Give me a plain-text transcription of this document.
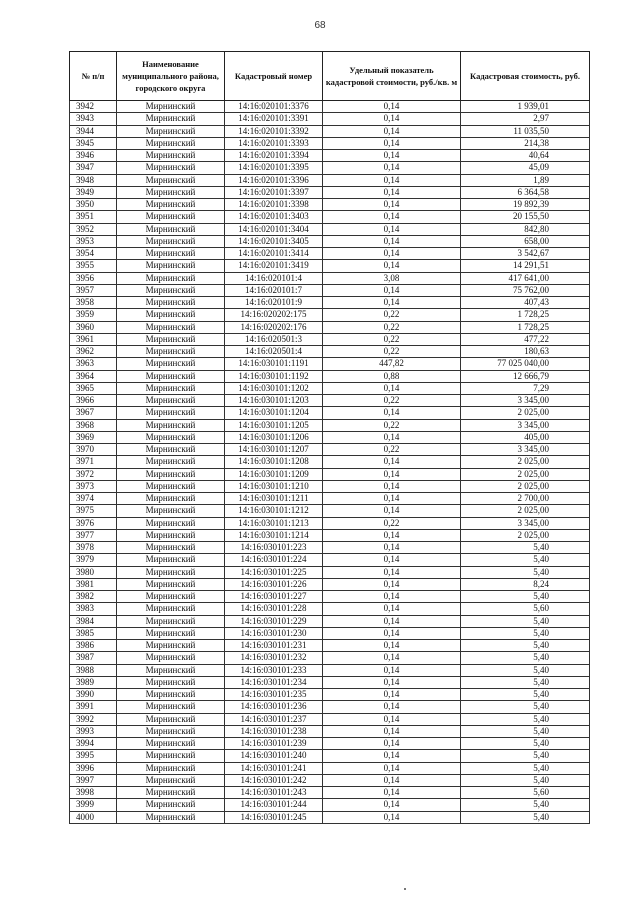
68
№ п/п	Наименование муниципального района, городского округа	Кадастровый номер	Удельный показатель кадастровой стоимости, руб./кв. м	Кадастровая стоимость, руб.
3942	Мирнинский	14:16:020101:3376	0,14	1 939,01
3943	Мирнинский	14:16:020101:3391	0,14	2,97
3944	Мирнинский	14:16:020101:3392	0,14	11 035,50
3945	Мирнинский	14:16:020101:3393	0,14	214,38
3946	Мирнинский	14:16:020101:3394	0,14	40,64
3947	Мирнинский	14:16:020101:3395	0,14	45,09
3948	Мирнинский	14:16:020101:3396	0,14	1,89
3949	Мирнинский	14:16:020101:3397	0,14	6 364,58
3950	Мирнинский	14:16:020101:3398	0,14	19 892,39
3951	Мирнинский	14:16:020101:3403	0,14	20 155,50
3952	Мирнинский	14:16:020101:3404	0,14	842,80
3953	Мирнинский	14:16:020101:3405	0,14	658,00
3954	Мирнинский	14:16:020101:3414	0,14	3 542,67
3955	Мирнинский	14:16:020101:3419	0,14	14 291,51
3956	Мирнинский	14:16:020101:4	3,08	417 641,00
3957	Мирнинский	14:16:020101:7	0,14	75 762,00
3958	Мирнинский	14:16:020101:9	0,14	407,43
3959	Мирнинский	14:16:020202:175	0,22	1 728,25
3960	Мирнинский	14:16:020202:176	0,22	1 728,25
3961	Мирнинский	14:16:020501:3	0,22	477,22
3962	Мирнинский	14:16:020501:4	0,22	180,63
3963	Мирнинский	14:16:030101:1191	447,82	77 025 040,00
3964	Мирнинский	14:16:030101:1192	0,88	12 666,79
3965	Мирнинский	14:16:030101:1202	0,14	7,29
3966	Мирнинский	14:16:030101:1203	0,22	3 345,00
3967	Мирнинский	14:16:030101:1204	0,14	2 025,00
3968	Мирнинский	14:16:030101:1205	0,22	3 345,00
3969	Мирнинский	14:16:030101:1206	0,14	405,00
3970	Мирнинский	14:16:030101:1207	0,22	3 345,00
3971	Мирнинский	14:16:030101:1208	0,14	2 025,00
3972	Мирнинский	14:16:030101:1209	0,14	2 025,00
3973	Мирнинский	14:16:030101:1210	0,14	2 025,00
3974	Мирнинский	14:16:030101:1211	0,14	2 700,00
3975	Мирнинский	14:16:030101:1212	0,14	2 025,00
3976	Мирнинский	14:16:030101:1213	0,22	3 345,00
3977	Мирнинский	14:16:030101:1214	0,14	2 025,00
3978	Мирнинский	14:16:030101:223	0,14	5,40
3979	Мирнинский	14:16:030101:224	0,14	5,40
3980	Мирнинский	14:16:030101:225	0,14	5,40
3981	Мирнинский	14:16:030101:226	0,14	8,24
3982	Мирнинский	14:16:030101:227	0,14	5,40
3983	Мирнинский	14:16:030101:228	0,14	5,60
3984	Мирнинский	14:16:030101:229	0,14	5,40
3985	Мирнинский	14:16:030101:230	0,14	5,40
3986	Мирнинский	14:16:030101:231	0,14	5,40
3987	Мирнинский	14:16:030101:232	0,14	5,40
3988	Мирнинский	14:16:030101:233	0,14	5,40
3989	Мирнинский	14:16:030101:234	0,14	5,40
3990	Мирнинский	14:16:030101:235	0,14	5,40
3991	Мирнинский	14:16:030101:236	0,14	5,40
3992	Мирнинский	14:16:030101:237	0,14	5,40
3993	Мирнинский	14:16:030101:238	0,14	5,40
3994	Мирнинский	14:16:030101:239	0,14	5,40
3995	Мирнинский	14:16:030101:240	0,14	5,40
3996	Мирнинский	14:16:030101:241	0,14	5,40
3997	Мирнинский	14:16:030101:242	0,14	5,40
3998	Мирнинский	14:16:030101:243	0,14	5,60
3999	Мирнинский	14:16:030101:244	0,14	5,40
4000	Мирнинский	14:16:030101:245	0,14	5,40
